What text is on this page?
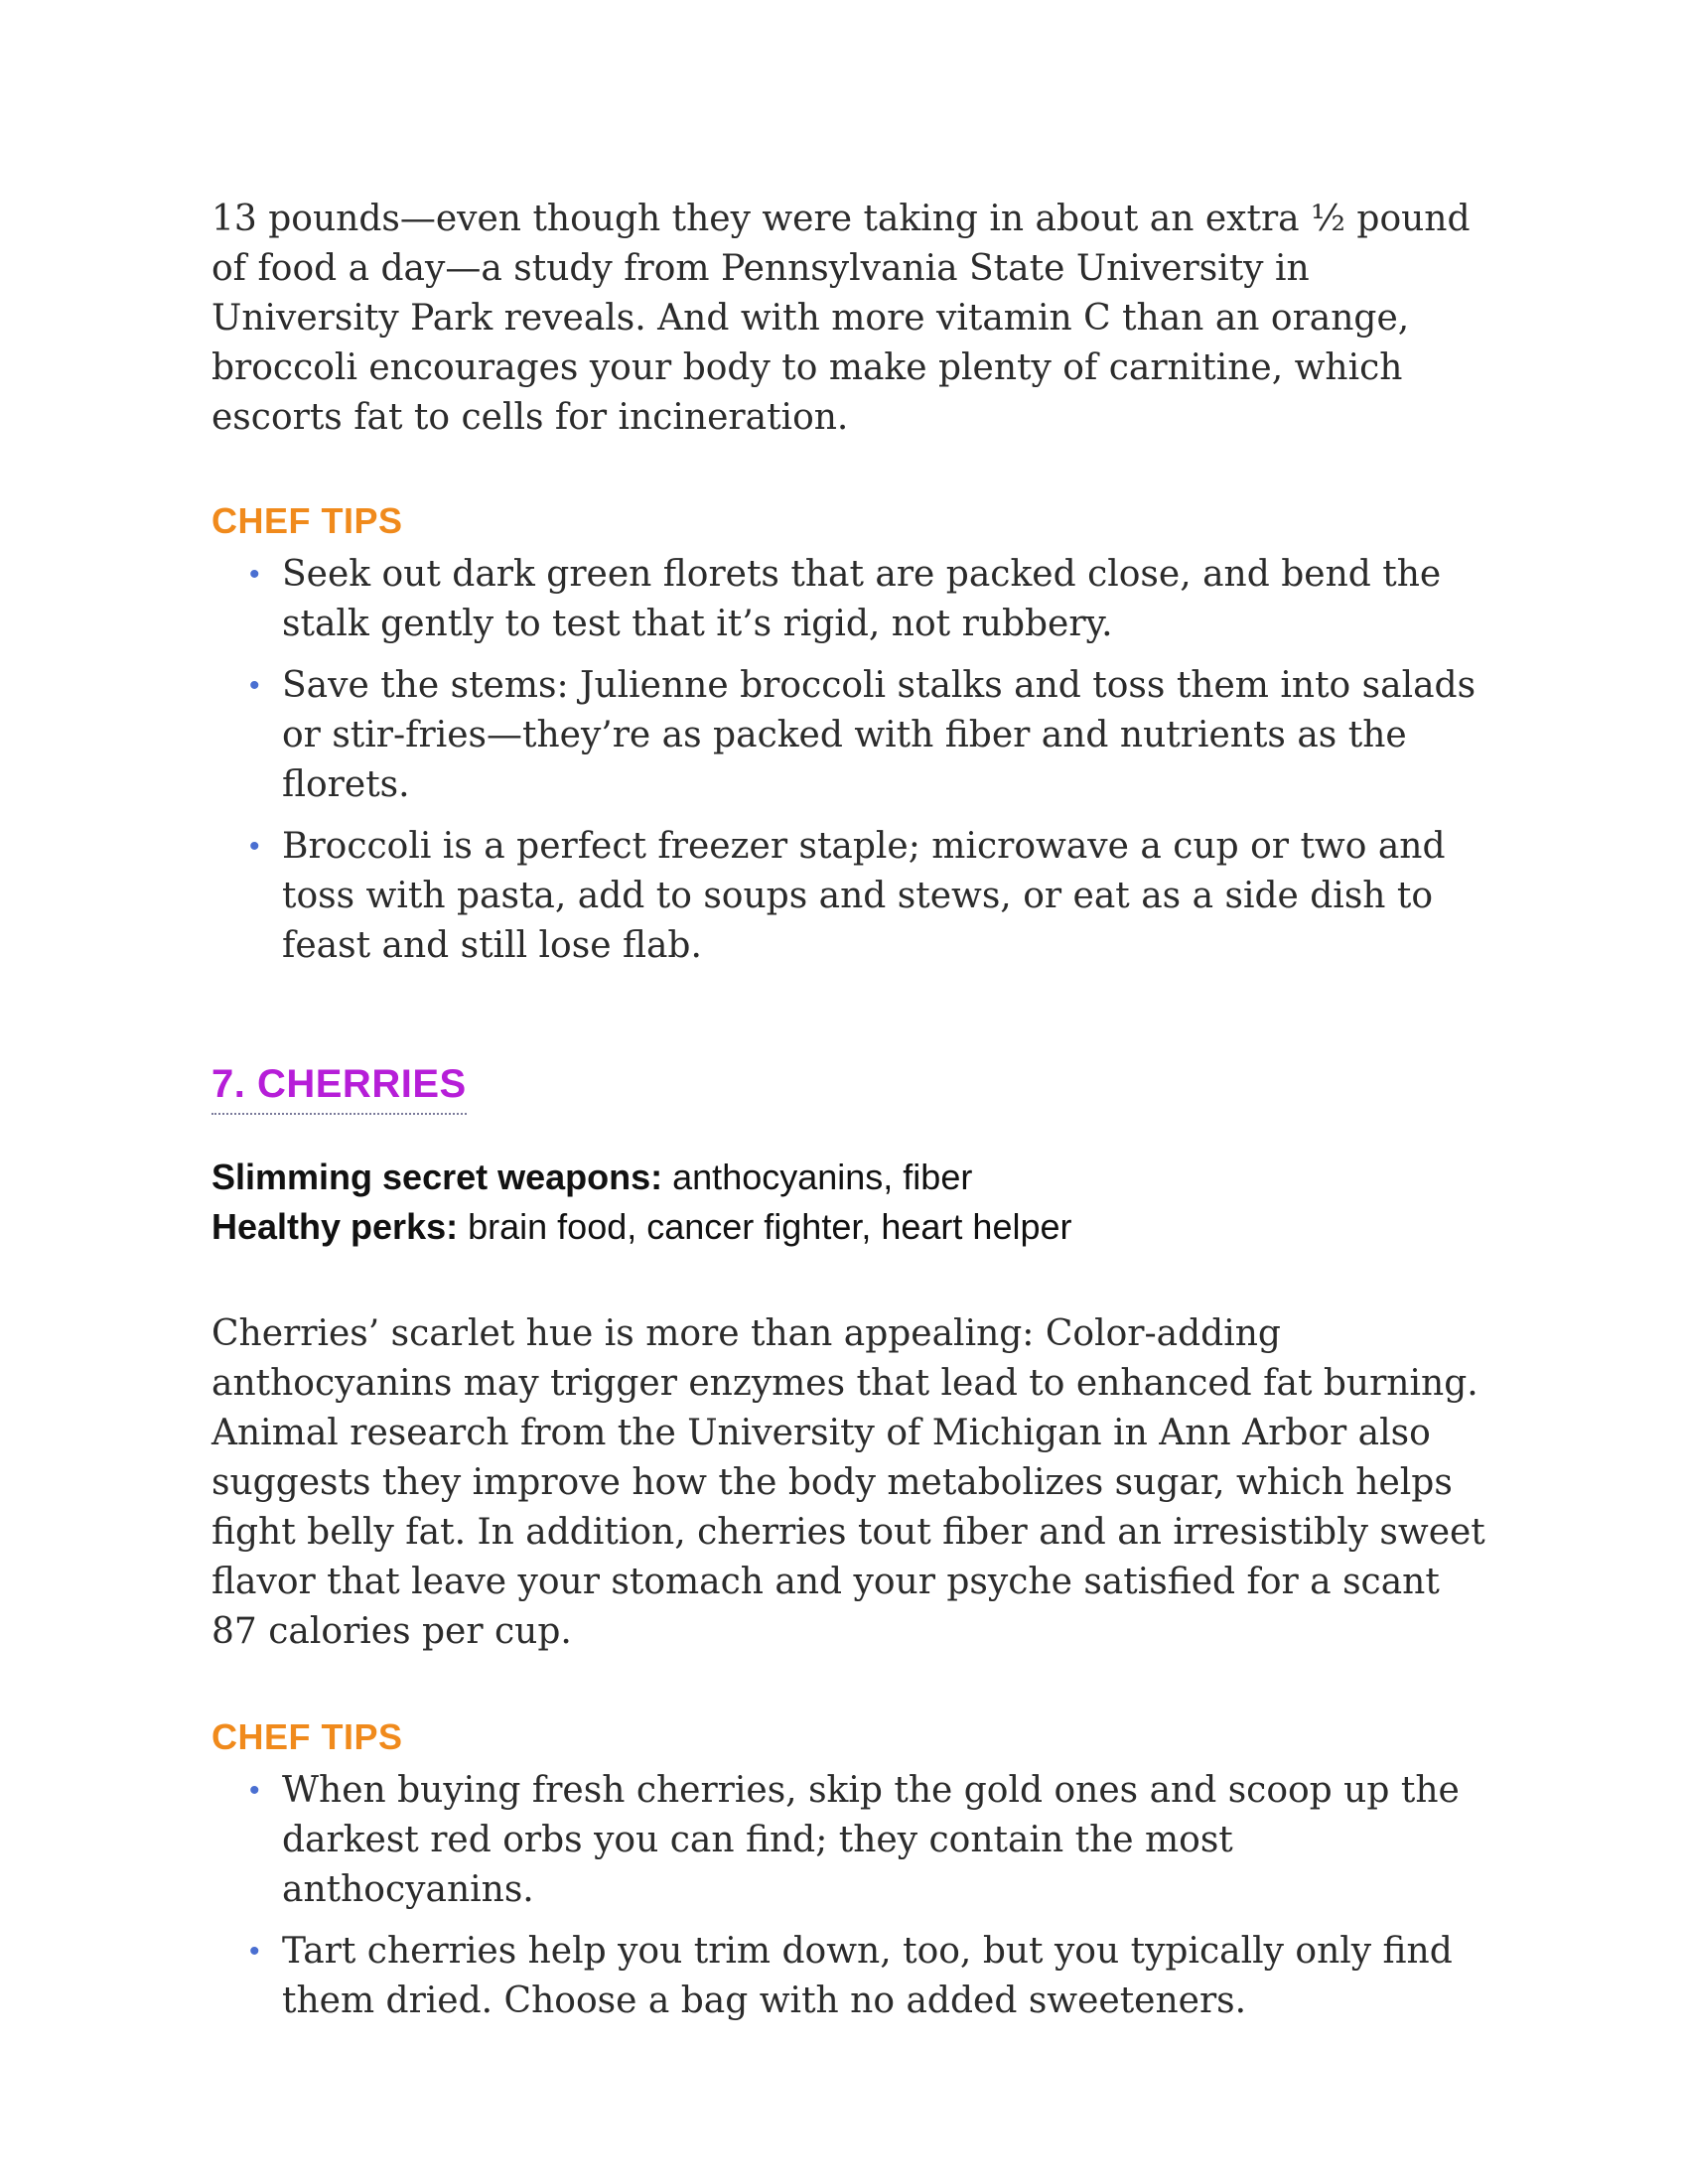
13 pounds—even though they were taking in about an extra ½ pound of food a day—a study from Pennsylvania State University in University Park reveals. And with more vitamin C than an orange, broccoli encourages your body to make plenty of carnitine, which escorts fat to cells for incineration.

CHEF TIPS
• Seek out dark green florets that are packed close, and bend the stalk gently to test that it’s rigid, not rubbery.
• Save the stems: Julienne broccoli stalks and toss them into salads or stir-fries—they’re as packed with fiber and nutrients as the florets.
• Broccoli is a perfect freezer staple; microwave a cup or two and toss with pasta, add to soups and stews, or eat as a side dish to feast and still lose flab.
7. CHERRIES

Slimming secret weapons: anthocyanins, fiber

Healthy perks: brain food, cancer fighter, heart helper

Cherries’ scarlet hue is more than appealing: Color-adding anthocyanins may trigger enzymes that lead to enhanced fat burning. Animal research from the University of Michigan in Ann Arbor also suggests they improve how the body metabolizes sugar, which helps fight belly fat. In addition, cherries tout fiber and an irresistibly sweet flavor that leave your stomach and your psyche satisfied for a scant 87 calories per cup.

CHEF TIPS
• When buying fresh cherries, skip the gold ones and scoop up the darkest red orbs you can find; they contain the most anthocyanins.
• Tart cherries help you trim down, too, but you typically only find them dried. Choose a bag with no added sweeteners.
